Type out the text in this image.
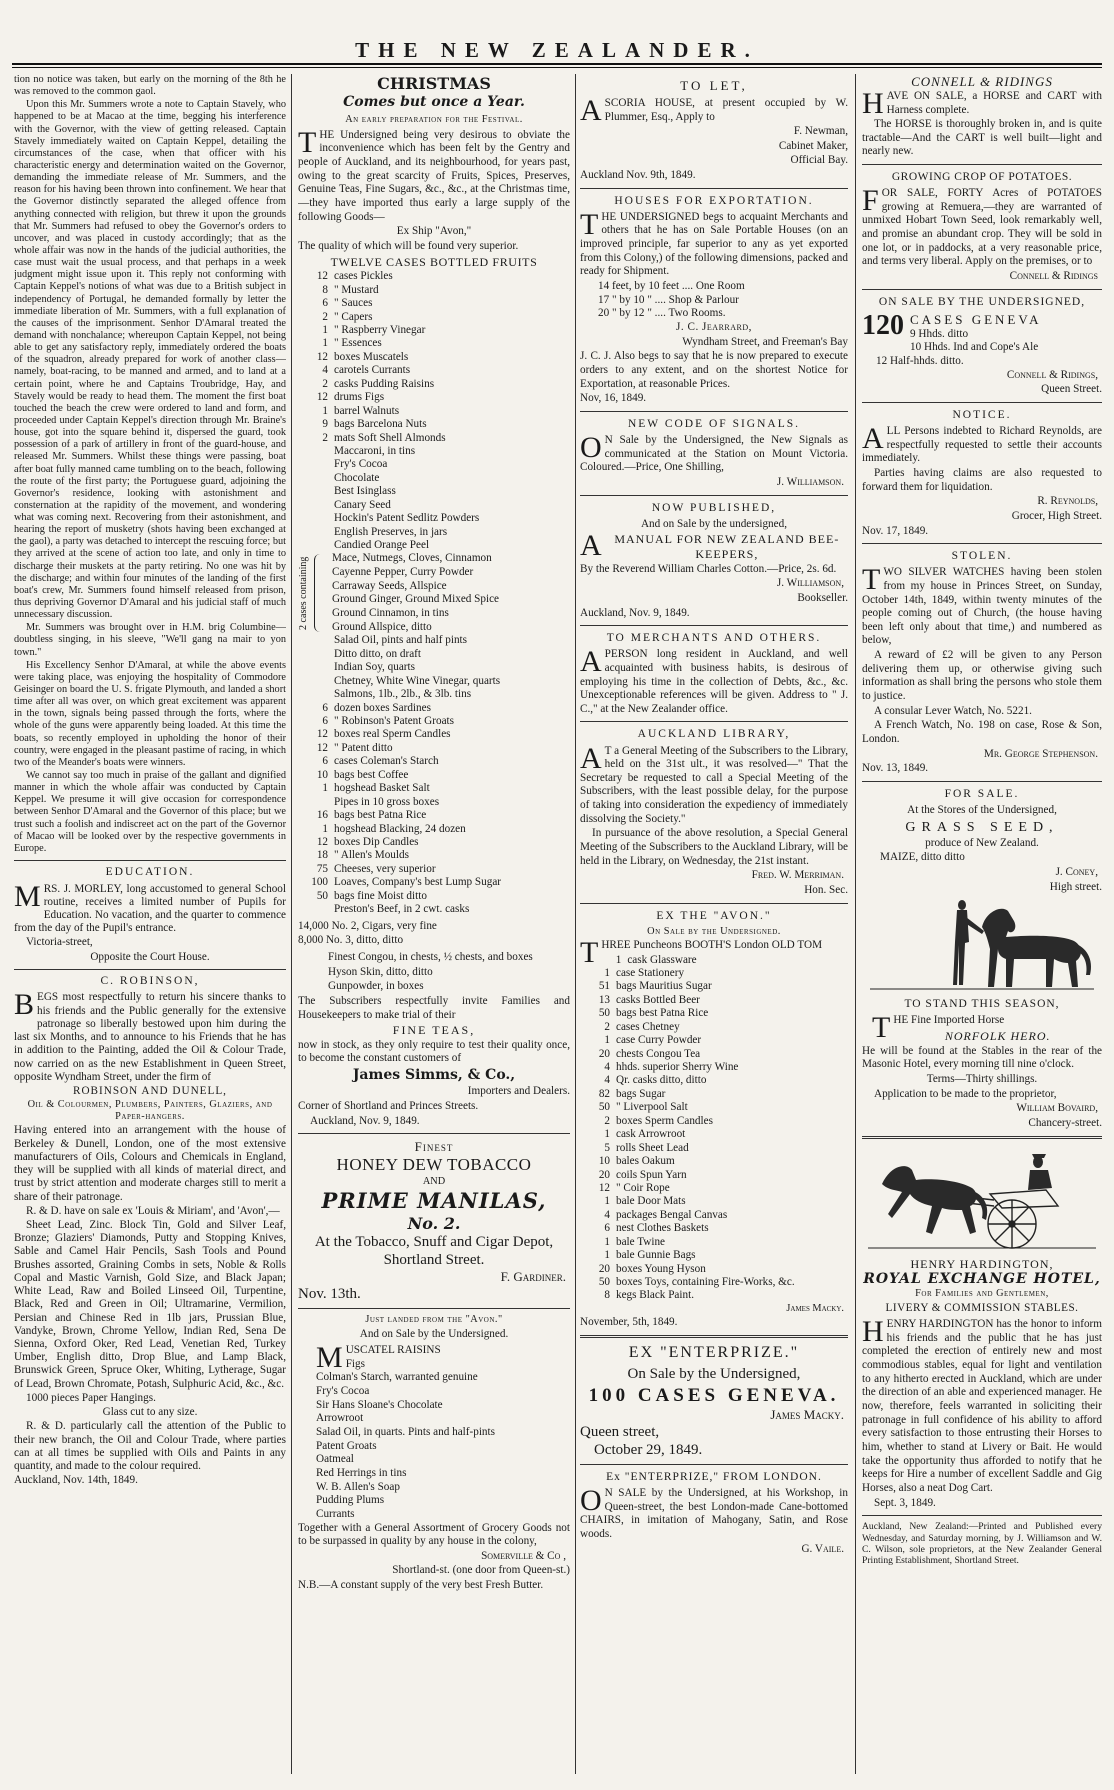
THE NEW ZEALANDER.

tion no notice was taken, but early on the morning of the 8th he was removed to the common gaol.

Upon this Mr. Summers wrote a note to Captain Stavely, who happened to be at Macao at the time, begging his interference with the Governor, with the view of getting released. Captain Stavely immediately waited on Captain Keppel, detailing the circumstances of the case, when that officer with his characteristic energy and determination waited on the Governor, demanding the immediate release of Mr. Summers, and the reason for his having been thrown into confinement. We hear that the Governor distinctly separated the alleged offence from anything connected with religion, but threw it upon the grounds that Mr. Summers had refused to obey the Governor's orders to uncover, and was placed in custody accordingly; that as the whole affair was now in the hands of the judicial authorities, the case must wait the usual process, and that perhaps in a week judgment might issue upon it. This reply not conforming with Captain Keppel's notions of what was due to a British subject in independency of Portugal, he demanded formally by letter the immediate liberation of Mr. Summers, with a full explanation of the causes of the imprisonment. Senhor D'Amaral treated the demand with nonchalance; whereupon Captain Keppel, not being able to get any satisfactory reply, immediately ordered the boats of the squadron, already prepared for work of another class—namely, boat-racing, to be manned and armed, and to land at a certain point, where he and Captains Troubridge, Hay, and Stavely would be ready to head them. The moment the first boat touched the beach the crew were ordered to land and form, and proceeded under Captain Keppel's direction through Mr. Braine's house, got into the square behind it, dispersed the guard, took possession of a park of artillery in front of the guard-house, and released Mr. Summers. Whilst these things were passing, boat after boat fully manned came tumbling on to the beach, following the route of the first party; the Portuguese guard, adjoining the Governor's residence, looking with astonishment and consternation at the rapidity of the movement, and wondering what was coming next. Recovering from their astonishment, and hearing the report of musketry (shots having been exchanged at the gaol), a party was detached to intercept the rescuing force; but they arrived at the scene of action too late, and only in time to discharge their muskets at the party retiring. No one was hit by the discharge; and within four minutes of the landing of the first boat's crew, Mr. Summers found himself released from prison, thus depriving Governor D'Amaral and his judicial staff of much unnecessary discussion.

Mr. Summers was brought over in H.M. brig Columbine—doubtless singing, in his sleeve, "We'll gang na mair to yon town."

His Excellency Senhor D'Amaral, at while the above events were taking place, was enjoying the hospitality of Commodore Geisinger on board the U. S. frigate Plymouth, and landed a short time after all was over, on which great excitement was apparent in the town, signals being passed through the forts, where the whole of the guns were apparently being loaded. At this time the boats, so recently employed in upholding the honor of their country, were engaged in the pleasant pastime of racing, in which two of the Meander's boats were winners.

We cannot say too much in praise of the gallant and dignified manner in which the whole affair was conducted by Captain Keppel. We presume it will give occasion for correspondence between Senhor D'Amaral and the Governor of this place; but we trust such a foolish and indiscreet act on the part of the Governor of Macao will be looked over by the respective governments in Europe.

EDUCATION.

MRS. J. MORLEY, long accustomed to general School routine, receives a limited number of Pupils for Education. No vacation, and the quarter to commence from the day of the Pupil's entrance.

Victoria-street,

Opposite the Court House.

C. ROBINSON,

BEGS most respectfully to return his sincere thanks to his friends and the Public generally for the extensive patronage so liberally bestowed upon him during the last six Months, and to announce to his Friends that he has in addition to the Painting, added the Oil & Colour Trade, now carried on as the new Establishment in Queen Street, opposite Wyndham Street, under the firm of

ROBINSON AND DUNELL,

Oil & Colourmen, Plumbers, Painters, Glaziers, and Paper-hangers.

Having entered into an arrangement with the house of Berkeley & Dunell, London, one of the most extensive manufacturers of Oils, Colours and Chemicals in England, they will be supplied with all kinds of material direct, and trust by strict attention and moderate charges still to merit a share of their patronage.

R. & D. have on sale ex 'Louis & Miriam', and 'Avon',—

Sheet Lead, Zinc. Block Tin, Gold and Silver Leaf, Bronze; Glaziers' Diamonds, Putty and Stopping Knives, Sable and Camel Hair Pencils, Sash Tools and Pound Brushes assorted, Graining Combs in sets, Noble & Rolls Copal and Mastic Varnish, Gold Size, and Black Japan; White Lead, Raw and Boiled Linseed Oil, Turpentine, Black, Red and Green in Oil; Ultramarine, Vermilion, Persian and Chinese Red in 1lb jars, Prussian Blue, Vandyke, Brown, Chrome Yellow, Indian Red, Sena De Sienna, Oxford Oker, Red Lead, Venetian Red, Turkey Umber, English ditto, Drop Blue, and Lamp Black, Brunswick Green, Spruce Oker, Whiting, Lytherage, Sugar of Lead, Brown Chromate, Potash, Sulphuric Acid, &c., &c.

1000 pieces Paper Hangings.

Glass cut to any size.

R. & D. particularly call the attention of the Public to their new branch, the Oil and Colour Trade, where parties can at all times be supplied with Oils and Paints in any quantity, and made to the colour required.

Auckland, Nov. 14th, 1849.

CHRISTMAS
Comes but once a Year.
An early preparation for the Festival.

THE Undersigned being very desirous to obviate the inconvenience which has been felt by the Gentry and people of Auckland, and its neighbourhood, for years past, owing to the great scarcity of Fruits, Spices, Preserves, Genuine Teas, Fine Sugars, &c., &c., at the Christmas time,—they have imported thus early a large supply of the following Goods—

Ex Ship "Avon,"

The quality of which will be found very superior.

TWELVE CASES BOTTLED FRUITS

12 cases Pickles
8 " Mustard
6 " Sauces
2 " Capers
1 " Raspberry Vinegar
1 " Essences
12 boxes Muscatels
4 carotels Currants
2 casks Pudding Raisins
12 drums Figs
1 barrel Walnuts
9 bags Barcelona Nuts
2 mats Soft Shell Almonds
Maccaroni, in tins
Fry's Cocoa
Chocolate
Best Isinglass
Canary Seed
Hockin's Patent Sedlitz Powders
English Preserves, in jars
Candied Orange Peel
2 cases containing Mace, Nutmegs, Cloves, Cinnamon
Cayenne Pepper, Curry Powder
Carraway Seeds, Allspice
Ground Ginger, Ground Mixed Spice
Ground Cinnamon, in tins
Ground Allspice, ditto
Salad Oil, pints and half pints
Ditto ditto, on draft
Indian Soy, quarts
Chetney, White Wine Vinegar, quarts
Salmons, 1lb., 2lb., & 3lb. tins
6 dozen boxes Sardines
6 " Robinson's Patent Groats
12 boxes real Sperm Candles
12 " Patent ditto
6 cases Coleman's Starch
10 bags best Coffee
1 hogshead Basket Salt
Pipes in 10 gross boxes
16 bags best Patna Rice
1 hogshead Blacking, 24 dozen
12 boxes Dip Candles
18 " Allen's Moulds
75 Cheeses, very superior
100 Loaves, Company's best Lump Sugar
50 bags fine Moist ditto
Preston's Beef, in 2 cwt. casks

14,000 No. 2, Cigars, very fine

8,000 No. 3, ditto, ditto

Finest Congou, in chests, ½ chests, and boxes

Hyson Skin, ditto, ditto

Gunpowder, in boxes

The Subscribers respectfully invite Families and Housekeepers to make trial of their

FINE TEAS,

now in stock, as they only require to test their quality once, to become the constant customers of

James Simms, & Co.,

Importers and Dealers.

Corner of Shortland and Princes Streets.

Auckland, Nov. 9, 1849.

Finest
HONEY DEW TOBACCO
AND
PRIME MANILAS,
No. 2.
At the Tobacco, Snuff and Cigar Depot, Shortland Street.
F. Gardiner.
Nov. 13th.
Just landed from the "Avon."
And on Sale by the Undersigned.
MUSCATEL RAISINS
Figs
Colman's Starch, warranted genuine
Fry's Cocoa
Sir Hans Sloane's Chocolate
Arrowroot
Salad Oil, in quarts. Pints and half-pints
Patent Groats
Oatmeal
Red Herrings in tins
W. B. Allen's Soap
Pudding Plums
Currants

Together with a General Assortment of Grocery Goods not to be surpassed in quality by any house in the colony,

Somerville & Co ,

Shortland-st. (one door from Queen-st.)

N.B.—A constant supply of the very best Fresh Butter.

TO LET,

ASCORIA HOUSE, at present occupied by W. Plummer, Esq., Apply to

F. Newman,

Cabinet Maker,

Official Bay.

Auckland Nov. 9th, 1849.

HOUSES FOR EXPORTATION.

THE UNDERSIGNED begs to acquaint Merchants and others that he has on Sale Portable Houses (on an improved principle, far superior to any as yet exported from this Colony,) of the following dimensions, packed and ready for Shipment.

14 feet, by 10 feet .... One Room
17 " by 10 " .... Shop & Parlour
20 " by 12 " .... Two Rooms.

J. C. Jearrard,

Wyndham Street, and Freeman's Bay

J. C. J. Also begs to say that he is now prepared to execute orders to any extent, and on the shortest Notice for Exportation, at reasonable Prices.

Nov, 16, 1849.

NEW CODE OF SIGNALS.

ON Sale by the Undersigned, the New Signals as communicated at the Station on Mount Victoria. Coloured.—Price, One Shilling,

J. Williamson.

NOW PUBLISHED,

And on Sale by the undersigned,

AMANUAL FOR NEW ZEALAND BEE-KEEPERS,

By the Reverend William Charles Cotton.—Price, 2s. 6d.

J. Williamson,

Bookseller.

Auckland, Nov. 9, 1849.

TO MERCHANTS AND OTHERS.

APERSON long resident in Auckland, and well acquainted with business habits, is desirous of employing his time in the collection of Debts, &c., &c. Unexceptionable references will be given. Address to " J. C.," at the New Zealander office.

AUCKLAND LIBRARY,

AT a General Meeting of the Subscribers to the Library, held on the 31st ult., it was resolved—" That the Secretary be requested to call a Special Meeting of the Subscribers, with the least possible delay, for the purpose of taking into consideration the expediency of immediately dissolving the Society."

In pursuance of the above resolution, a Special General Meeting of the Subscribers to the Auckland Library, will be held in the Library, on Wednesday, the 21st instant.

Fred. W. Merriman.

Hon. Sec.

EX THE "AVON."

On Sale by the Undersigned.

THREE Puncheons BOOTH'S London OLD TOM

1 cask Glassware
1 case Stationery
51 bags Mauritius Sugar
13 casks Bottled Beer
50 bags best Patna Rice
2 cases Chetney
1 case Curry Powder
20 chests Congou Tea
4 hhds. superior Sherry Wine
4 Qr. casks ditto, ditto
82 bags Sugar
50 " Liverpool Salt
2 boxes Sperm Candles
1 cask Arrowroot
5 rolls Sheet Lead
10 bales Oakum
20 coils Spun Yarn
12 " Coir Rope
1 bale Door Mats
4 packages Bengal Canvas
6 nest Clothes Baskets
1 bale Twine
1 bale Gunnie Bags
20 boxes Young Hyson
50 boxes Toys, containing Fire-Works, &c.
8 kegs Black Paint.

James Macky.

November, 5th, 1849.

EX "ENTERPRIZE."
On Sale by the Undersigned,
100 CASES GENEVA.
James Macky.
Queen street,
October 29, 1849.
Ex "ENTERPRIZE," FROM LONDON.

ON SALE by the Undersigned, at his Workshop, in Queen-street, the best London-made Cane-bottomed CHAIRS, in imitation of Mahogany, Satin, and Rose woods.

G. Vaile.

CONNELL & RIDINGS

HAVE ON SALE, a HORSE and CART with Harness complete.

The HORSE is thoroughly broken in, and is quite tractable—And the CART is well built—light and nearly new.

GROWING CROP OF POTATOES.

FOR SALE, FORTY Acres of POTATOES growing at Remuera,—they are warranted of unmixed Hobart Town Seed, look remarkably well, and promise an abundant crop. They will be sold in one lot, or in paddocks, at a very reasonable price, and terms very liberal. Apply on the premises, or to

Connell & Ridings

ON SALE BY THE UNDERSIGNED,
120 CASES GENEVA
9 Hhds. ditto
10 Hhds. Ind and Cope's Ale
12 Half-hhds. ditto.

Connell & Ridings,

Queen Street.

NOTICE.

ALL Persons indebted to Richard Reynolds, are respectfully requested to settle their accounts immediately.

Parties having claims are also requested to forward them for liquidation.

R. Reynolds,

Grocer, High Street.

Nov. 17, 1849.

STOLEN.

TWO SILVER WATCHES having been stolen from my house in Princes Street, on Sunday, October 14th, 1849, within twenty minutes of the people coming out of Church, (the house having been left only about that time,) and numbered as below,

A reward of £2 will be given to any Person delivering them up, or otherwise giving such information as shall bring the persons who stole them to justice.

A consular Lever Watch, No. 5221.

A French Watch, No. 198 on case, Rose & Son, London.

Mr. George Stephenson.

Nov. 13, 1849.

FOR SALE.

At the Stores of the Undersigned,

GRASS SEED,

produce of New Zealand.

MAIZE, ditto ditto

J. Coney,

High street.

TO STAND THIS SEASON,

THE Fine Imported Horse

NORFOLK HERO.

He will be found at the Stables in the rear of the Masonic Hotel, every morning till nine o'clock.

Terms—Thirty shillings.

Application to be made to the proprietor,

William Bovaird,

Chancery-street.

HENRY HARDINGTON,
ROYAL EXCHANGE HOTEL,
For Families and Gentlemen,
LIVERY & COMMISSION STABLES.

HENRY HARDINGTON has the honor to inform his friends and the public that he has just completed the erection of entirely new and most commodious stables, equal for light and ventilation to any hitherto erected in Auckland, which are under the direction of an able and experienced manager. He now, therefore, feels warranted in soliciting their patronage in full confidence of his ability to afford every satisfaction to those entrusting their Horses to him, whether to stand at Livery or Bait. He would take the opportunity thus afforded to notify that he keeps for Hire a number of excellent Saddle and Gig Horses, also a neat Dog Cart.

Sept. 3, 1849.

Auckland, New Zealand:—Printed and Published every Wednesday, and Saturday morning, by J. Williamson and W. C. Wilson, sole proprietors, at the New Zealander General Printing Establishment, Shortland Street.
